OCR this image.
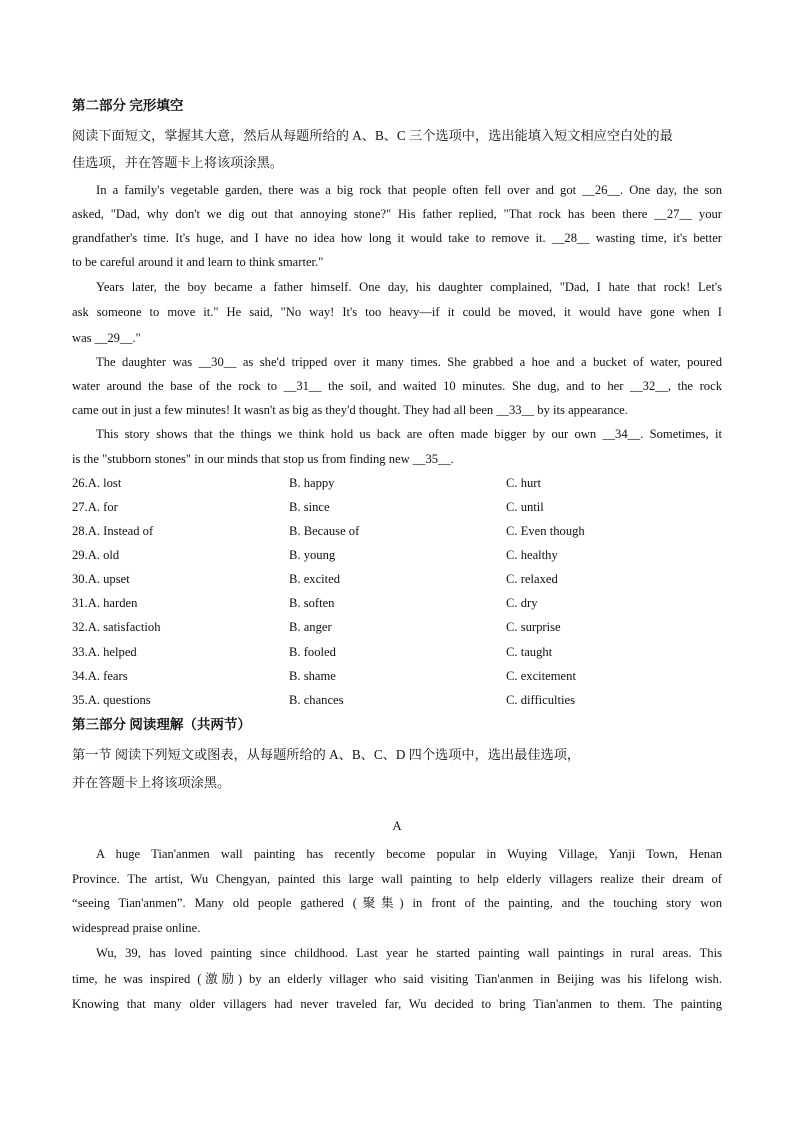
第二部分 完形填空
阅读下面短文，掌握其大意，然后从每题所给的 A、B、C 三个选项中，选出能填入短文相应空白处的最
佳选项，并在答题卡上将该项涂黑。
In a family's vegetable garden, there was a big rock that people often fell over and got __26__. One day, the son
asked, "Dad, why don't we dig out that annoying stone?" His father replied, "That rock has been there __27__ your
grandfather's time. It's huge, and I have no idea how long it would take to remove it. __28__ wasting time, it's better
to be careful around it and learn to think smarter."
Years later, the boy became a father himself. One day, his daughter complained, "Dad, I hate that rock! Let's
ask someone to move it." He said, "No way! It's too heavy—if it could be moved, it would have gone when I
was __29__."
The daughter was __30__ as she'd tripped over it many times. She grabbed a hoe and a bucket of water, poured
water around the base of the rock to __31__ the soil, and waited 10 minutes. She dug, and to her __32__, the rock
came out in just a few minutes! It wasn't as big as they'd thought. They had all been __33__ by its appearance.
This story shows that the things we think hold us back are often made bigger by our own __34__. Sometimes, it
is the "stubborn stones" in our minds that stop us from finding new __35__.
26.A. lost	B. happy	C. hurt
27.A. for	B. since	C. until
28.A. Instead of	B. Because of	C. Even though
29.A. old	B. young	C. healthy
30.A. upset	B. excited	C. relaxed
31.A. harden	B. soften	C. dry
32.A. satisfactioh	B. anger	C. surprise
33.A. helped	B. fooled	C. taught
34.A. fears	B. shame	C. excitement
35.A. questions	B. chances	C. difficulties
第三部分 阅读理解（共两节）
第一节 阅读下列短文或图表，从每题所给的 A、B、C、D 四个选项中，选出最佳选项，
并在答题卡上将该项涂黑。
A
A huge Tian'anmen wall painting has recently become popular in Wuying Village, Yanji Town, Henan
Province. The artist, Wu Chengyan, painted this large wall painting to help elderly villagers realize their dream of
“seeing Tian'anmen”. Many old people gathered (聚集) in front of the painting, and the touching story won
widespread praise online.
Wu, 39, has loved painting since childhood. Last year he started painting wall paintings in rural areas. This
time, he was inspired (激励) by an elderly villager who said visiting Tian'anmen in Beijing was his lifelong wish.
Knowing that many older villagers had never traveled far, Wu decided to bring Tian'anmen to them. The painting
